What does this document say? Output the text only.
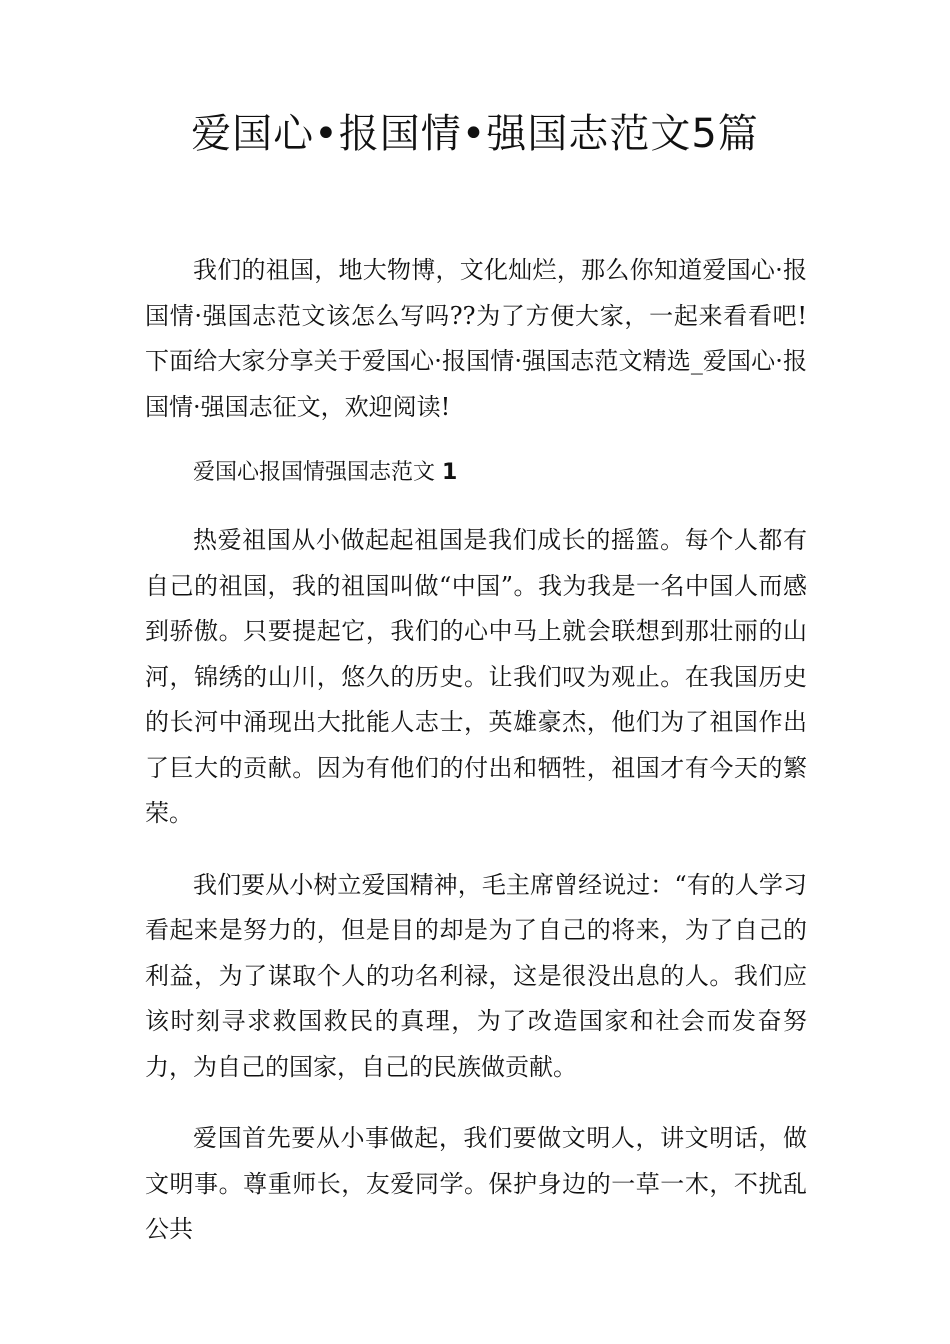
爱国心•报国情•强国志范文5篇

我们的祖国，地大物博，文化灿烂，那么你知道爱国心·报国情·强国志范文该怎么写吗??为了方便大家，一起来看看吧!下面给大家分享关于爱国心·报国情·强国志范文精选_爱国心·报国情·强国志征文，欢迎阅读!

爱国心报国情强国志范文 1

热爱祖国从小做起起祖国是我们成长的摇篮。每个人都有自己的祖国，我的祖国叫做“中国”。我为我是一名中国人而感到骄傲。只要提起它，我们的心中马上就会联想到那壮丽的山河，锦绣的山川，悠久的历史。让我们叹为观止。在我国历史的长河中涌现出大批能人志士，英雄豪杰，他们为了祖国作出了巨大的贡献。因为有他们的付出和牺牲，祖国才有今天的繁荣。

我们要从小树立爱国精神，毛主席曾经说过：“有的人学习看起来是努力的，但是目的却是为了自己的将来，为了自己的利益，为了谋取个人的功名利禄，这是很没出息的人。我们应该时刻寻求救国救民的真理，为了改造国家和社会而发奋努力，为自己的国家，自己的民族做贡献。

爱国首先要从小事做起，我们要做文明人，讲文明话，做文明事。尊重师长，友爱同学。保护身边的一草一木，不扰乱公共
